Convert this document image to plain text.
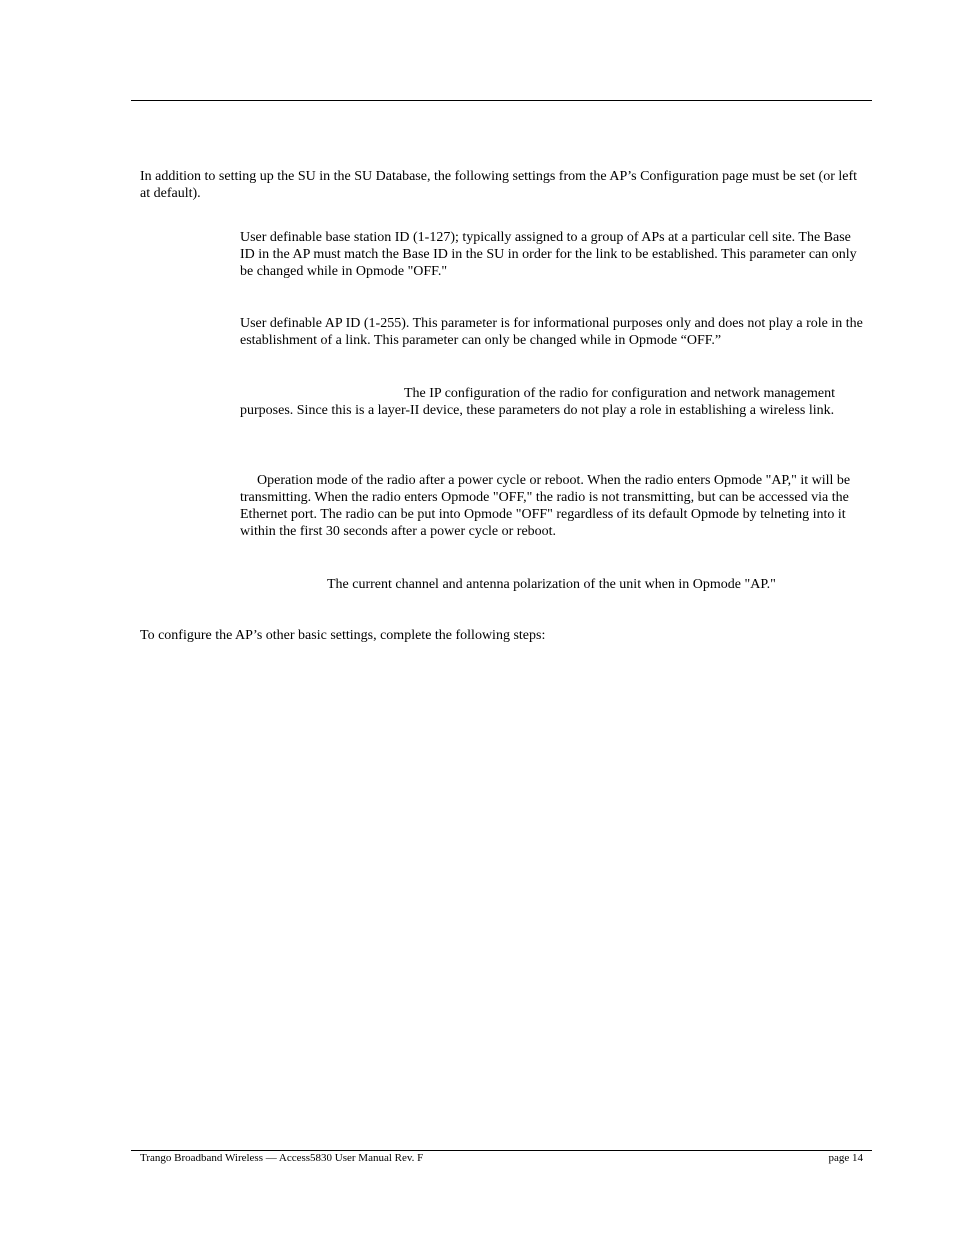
In addition to setting up the SU in the SU Database, the following settings from the AP’s Configuration page must be set (or left at default).

User definable base station ID (1-127); typically assigned to a group of APs at a particular cell site. The Base ID in the AP must match the Base ID in the SU in order for the link to be established. This parameter can only be changed while in Opmode "OFF."

User definable AP ID (1-255). This parameter is for informational purposes only and does not play a role in the establishment of a link. This parameter can only be changed while in Opmode “OFF.”

The IP configuration of the radio for configuration and network management purposes. Since this is a layer-II device, these parameters do not play a role in establishing a wireless link.

Operation mode of the radio after a power cycle or reboot. When the radio enters Opmode "AP," it will be transmitting. When the radio enters Opmode "OFF," the radio is not transmitting, but can be accessed via the Ethernet port. The radio can be put into Opmode "OFF" regardless of its default Opmode by telneting into it within the first 30 seconds after a power cycle or reboot.

The current channel and antenna polarization of the unit when in Opmode "AP."

To configure the AP’s other basic settings, complete the following steps:

Trango Broadband Wireless — Access5830 User Manual Rev. F	page 14
